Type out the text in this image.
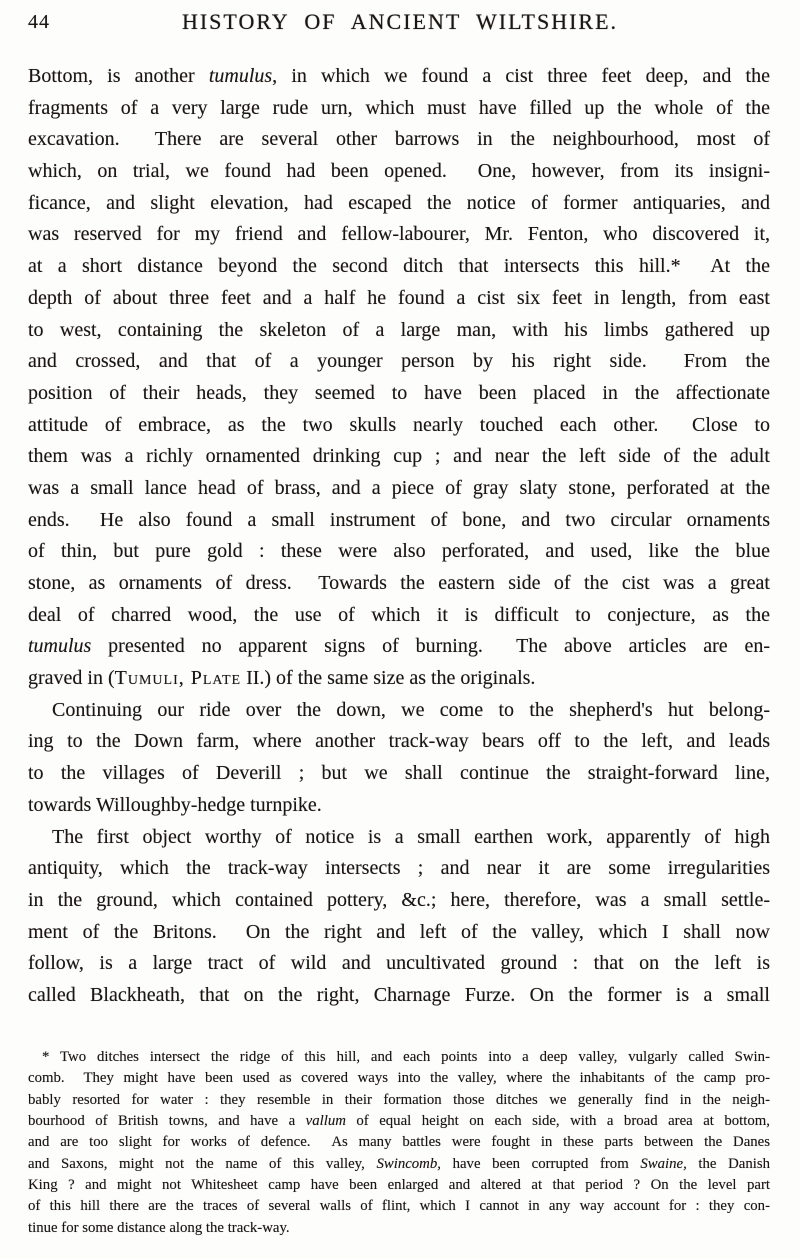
44	HISTORY OF ANCIENT WILTSHIRE.
Bottom, is another tumulus, in which we found a cist three feet deep, and the
fragments of a very large rude urn, which must have filled up the whole of the
excavation.  There are several other barrows in the neighbourhood, most of
which, on trial, we found had been opened.  One, however, from its insigni-
ficance, and slight elevation, had escaped the notice of former antiquaries, and
was reserved for my friend and fellow-labourer, Mr. Fenton, who discovered it,
at a short distance beyond the second ditch that intersects this hill.*  At the
depth of about three feet and a half he found a cist six feet in length, from east
to west, containing the skeleton of a large man, with his limbs gathered up
and crossed, and that of a younger person by his right side.  From the
position of their heads, they seemed to have been placed in the affectionate
attitude of embrace, as the two skulls nearly touched each other.  Close to
them was a richly ornamented drinking cup ; and near the left side of the adult
was a small lance head of brass, and a piece of gray slaty stone, perforated at the
ends.  He also found a small instrument of bone, and two circular ornaments
of thin, but pure gold : these were also perforated, and used, like the blue
stone, as ornaments of dress.  Towards the eastern side of the cist was a great
deal of charred wood, the use of which it is difficult to conjecture, as the
tumulus presented no apparent signs of burning.  The above articles are en-
graved in (Tumuli, Plate II.) of the same size as the originals.
Continuing our ride over the down, we come to the shepherd's hut belong-
ing to the Down farm, where another track-way bears off to the left, and leads
to the villages of Deverill ; but we shall continue the straight-forward line,
towards Willoughby-hedge turnpike.
The first object worthy of notice is a small earthen work, apparently of high
antiquity, which the track-way intersects ; and near it are some irregularities
in the ground, which contained pottery, &c.; here, therefore, was a small settle-
ment of the Britons.  On the right and left of the valley, which I shall now
follow, is a large tract of wild and uncultivated ground : that on the left is
called Blackheath, that on the right, Charnage Furze. On the former is a small
* Two ditches intersect the ridge of this hill, and each points into a deep valley, vulgarly called Swin-
comb.  They might have been used as covered ways into the valley, where the inhabitants of the camp pro-
bably resorted for water : they resemble in their formation those ditches we generally find in the neigh-
bourhood of British towns, and have a vallum of equal height on each side, with a broad area at bottom,
and are too slight for works of defence.  As many battles were fought in these parts between the Danes
and Saxons, might not the name of this valley, Swincomb, have been corrupted from Swaine, the Danish
King ? and might not Whitesheet camp have been enlarged and altered at that period ? On the level part
of this hill there are the traces of several walls of flint, which I cannot in any way account for : they con-
tinue for some distance along the track-way.
